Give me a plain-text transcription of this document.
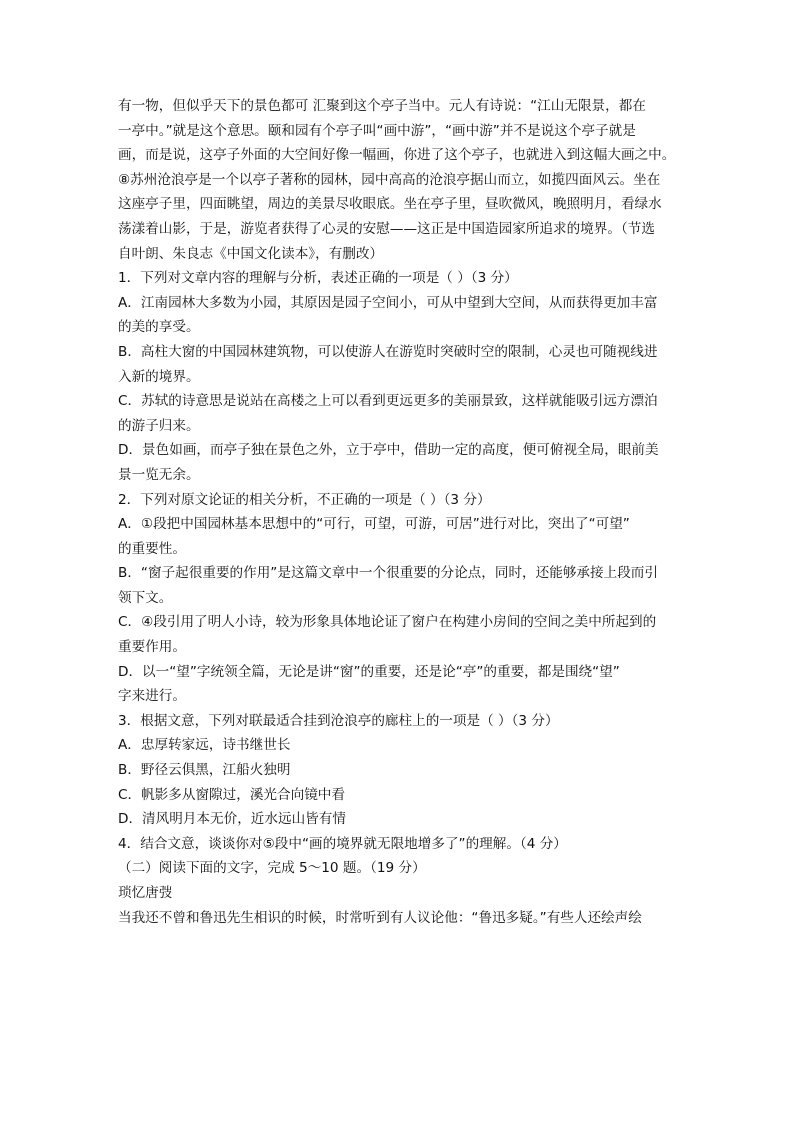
有一物，但似乎天下的景色都可 汇聚到这个亭子当中。元人有诗说：“江山无限景，都在
一亭中。”就是这个意思。颐和园有个亭子叫“画中游”，“画中游”并不是说这个亭子就是
画，而是说，这亭子外面的大空间好像一幅画，你进了这个亭子，也就进入到这幅大画之中。
⑧苏州沧浪亭是一个以亭子著称的园林，园中高高的沧浪亭据山而立，如揽四面风云。坐在
这座亭子里，四面眺望，周边的美景尽收眼底。坐在亭子里，昼吹微风，晚照明月，看绿水
荡漾着山影，于是，游览者获得了心灵的安慰——这正是中国造园家所追求的境界。（节选
自叶朗、朱良志《中国文化读本》，有删改）
1．下列对文章内容的理解与分析，表述正确的一项是（ ）（3 分）
A．江南园林大多数为小园，其原因是园子空间小，可从中望到大空间，从而获得更加丰富
的美的享受。
B．高柱大窗的中国园林建筑物，可以使游人在游览时突破时空的限制，心灵也可随视线进
入新的境界。
C．苏轼的诗意思是说站在高楼之上可以看到更远更多的美丽景致，这样就能吸引远方漂泊
的游子归来。
D．景色如画，而亭子独在景色之外，立于亭中，借助一定的高度，便可俯视全局，眼前美
景一览无余。
2．下列对原文论证的相关分析，不正确的一项是（ ）（3 分）
A．①段把中国园林基本思想中的“可行，可望，可游，可居”进行对比，突出了“可望”
的重要性。
B．“窗子起很重要的作用”是这篇文章中一个很重要的分论点，同时，还能够承接上段而引
领下文。
C．④段引用了明人小诗，较为形象具体地论证了窗户在构建小房间的空间之美中所起到的
重要作用。
D．以一“望”字统领全篇，无论是讲“窗”的重要，还是论“亭”的重要，都是围绕“望”
字来进行。
3．根据文意，下列对联最适合挂到沧浪亭的廊柱上的一项是（ ）（3 分）
A．忠厚转家远，诗书继世长
B．野径云俱黑，江船火独明
C．帆影多从窗隙过，溪光合向镜中看
D．清风明月本无价，近水远山皆有情
4．结合文意，谈谈你对⑤段中“画的境界就无限地增多了”的理解。（4 分）
（二）阅读下面的文字，完成 5～10 题。（19 分）
琐忆唐弢
当我还不曾和鲁迅先生相识的时候，时常听到有人议论他：“鲁迅多疑。”有些人还绘声绘
